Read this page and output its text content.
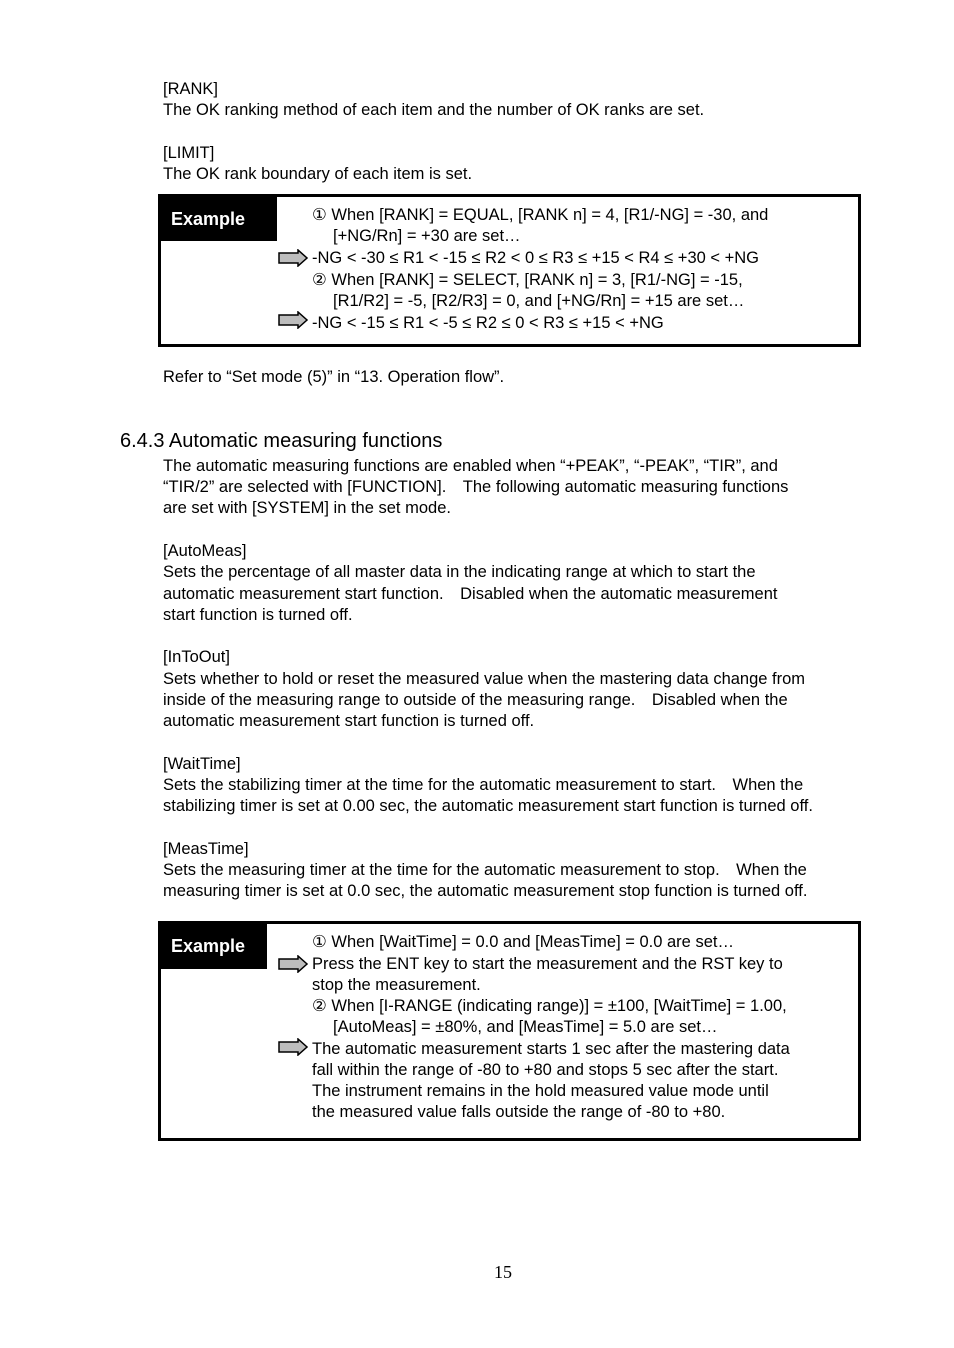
[RANK]
The OK ranking method of each item and the number of OK ranks are set.
[LIMIT]
The OK rank boundary of each item is set.
Example	① When [RANK] = EQUAL, [RANK n] = 4, [R1/-NG] = -30, and
[+NG/Rn] = +30 are set…
-NG < -30 ≤ R1 < -15 ≤ R2 < 0 ≤ R3 ≤ +15 < R4 ≤ +30 < +NG
② When [RANK] = SELECT, [RANK n] = 3, [R1/-NG] = -15,
[R1/R2] = -5, [R2/R3] = 0, and [+NG/Rn] = +15 are set…
-NG < -15 ≤ R1 < -5 ≤ R2 ≤ 0 < R3 ≤ +15 < +NG
Refer to “Set mode (5)” in “13. Operation flow”.
6.4.3 Automatic measuring functions
The automatic measuring functions are enabled when “+PEAK”, “-PEAK”, “TIR”, and
“TIR/2” are selected with [FUNCTION].　The following automatic measuring functions
are set with [SYSTEM] in the set mode.
[AutoMeas]
Sets the percentage of all master data in the indicating range at which to start the
automatic measurement start function.　Disabled when the automatic measurement
start function is turned off.
[InToOut]
Sets whether to hold or reset the measured value when the mastering data change from
inside of the measuring range to outside of the measuring range.　Disabled when the
automatic measurement start function is turned off.
[WaitTime]
Sets the stabilizing timer at the time for the automatic measurement to start.　When the
stabilizing timer is set at 0.00 sec, the automatic measurement start function is turned off.
[MeasTime]
Sets the measuring timer at the time for the automatic measurement to stop.　When the
measuring timer is set at 0.0 sec, the automatic measurement stop function is turned off.
Example	① When [WaitTime] = 0.0 and [MeasTime] = 0.0 are set…
Press the ENT key to start the measurement and the RST key to
stop the measurement.
② When [I-RANGE (indicating range)] = ±100, [WaitTime] = 1.00,
[AutoMeas] = ±80%, and [MeasTime] = 5.0 are set…
The automatic measurement starts 1 sec after the mastering data
fall within the range of -80 to +80 and stops 5 sec after the start.
The instrument remains in the hold measured value mode until
the measured value falls outside the range of -80 to +80.
15
